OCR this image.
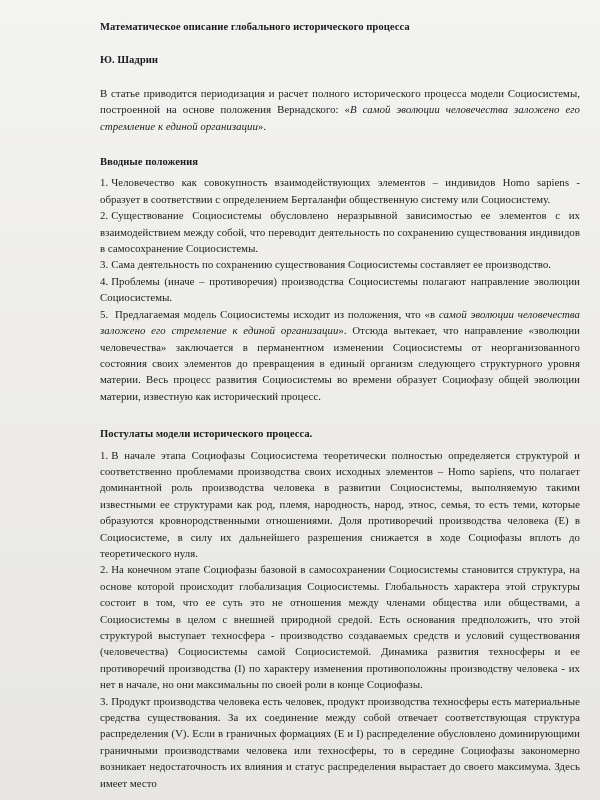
Математическое описание глобального исторического процесса

Ю. Шадрин

В статье приводится периодизация и расчет полного исторического процесса модели Социосистемы, построенной на основе положения Вернадского: «В самой эволюции человечества заложено его стремление к единой организации».

Вводные положения

1. Человечество как совокупность взаимодействующих элементов – индивидов Homo sapiens - образует в соответствии с определением Берталанфи общественную систему или Социосистему.

2. Существование Социосистемы обусловлено неразрывной зависимостью ее элементов с их взаимодействием между собой, что переводит деятельность по сохранению существования индивидов в самосохранение Социосистемы.

3. Сама деятельность по сохранению существования Социосистемы составляет ее производство.

4. Проблемы (иначе – противоречия) производства Социосистемы полагают направление эволюции Социосистемы.

5. Предлагаемая модель Социосистемы исходит из положения, что «в самой эволюции человечества заложено его стремление к единой организации». Отсюда вытекает, что направление «эволюции человечества» заключается в перманентном изменении Социосистемы от неорганизованного состояния своих элементов до превращения в единый организм следующего структурного уровня материи. Весь процесс развития Социосистемы во времени образует Социофазу общей эволюции материи, известную как исторический процесс.

Постулаты модели исторического процесса.

1. В начале этапа Социофазы Социосистема теоретически полностью определяется структурой и соответственно проблемами производства своих исходных элементов – Homo sapiens, что полагает доминантной роль производства человека в развитии Социосистемы, выполняемую такими известными ее структурами как род, племя, народность, народ, этнос, семья, то есть теми, которые образуются кровнородственными отношениями. Доля противоречий производства человека (Е) в Социосистеме, в силу их дальнейшего разрешения снижается в ходе Социофазы вплоть до теоретического нуля.

2. На конечном этапе Социофазы базовой в самосохранении Социосистемы становится структура, на основе которой происходит глобализация Социосистемы. Глобальность характера этой структуры состоит в том, что ее суть это не отношения между членами общества или обществами, а Социосистемы в целом с внешней природной средой. Есть основания предположить, что этой структурой выступает техносфера - производство создаваемых средств и условий существования (человечества) Социосистемы самой Социосистемой. Динамика развития техносферы и ее противоречий производства (I) по характеру изменения противоположны производству человека - их нет в начале, но они максимальны по своей роли в конце Социофазы.

3. Продукт производства человека есть человек, продукт производства техносферы есть материальные средства существования. За их соединение между собой отвечает соответствующая структура распределения (V). Если в граничных формациях (Е и I) распределение обусловлено доминирующими граничными производствами человека или техносферы, то в середине Социофазы закономерно возникает недостаточность их влияния и статус распределения вырастает до своего максимума. Здесь имеет место
